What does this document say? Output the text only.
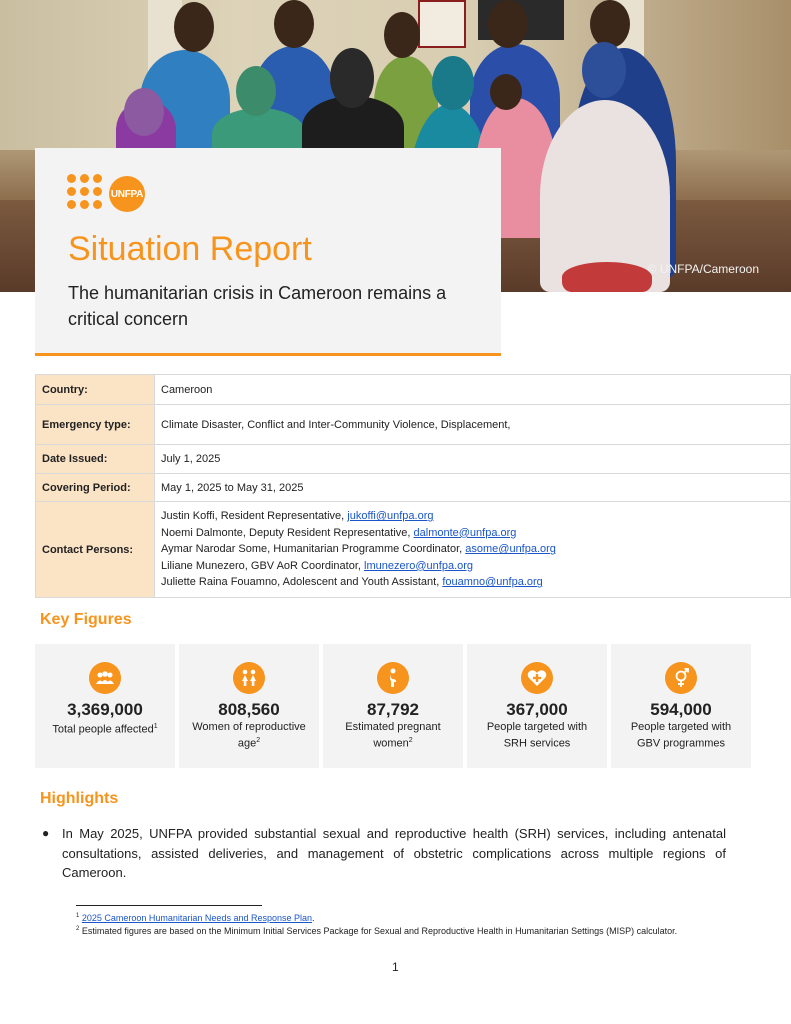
© UNFPA/Cameroon
UNFPA
Situation Report
The humanitarian crisis in Cameroon remains a critical concern
Country:	Cameroon
Emergency type:	Climate Disaster, Conflict and Inter-Community Violence, Displacement,
Date Issued:	July 1, 2025
Covering Period:	May 1, 2025 to May 31, 2025
Contact Persons:	Justin Koffi, Resident Representative, jukoffi@unfpa.org
Noemi Dalmonte, Deputy Resident Representative, dalmonte@unfpa.org
Aymar Narodar Some, Humanitarian Programme Coordinator, asome@unfpa.org
Liliane Munezero, GBV AoR Coordinator, lmunezero@unfpa.org
Juliette Raina Fouamno, Adolescent and Youth Assistant, fouamno@unfpa.org
Key Figures
3,369,000
Total people affected$^1$
808,560
Women of reproductive age$^2$
87,792
Estimated pregnant women$^2$
367,000
People targeted with SRH services
594,000
People targeted with GBV programmes
Highlights
● In May 2025, UNFPA provided substantial sexual and reproductive health (SRH) services, including antenatal consultations, assisted deliveries, and management of obstetric complications across multiple regions of Cameroon.
$^1$ 2025 Cameroon Humanitarian Needs and Response Plan.
$^2$ Estimated figures are based on the Minimum Initial Services Package for Sexual and Reproductive Health in Humanitarian Settings (MISP) calculator.
1
